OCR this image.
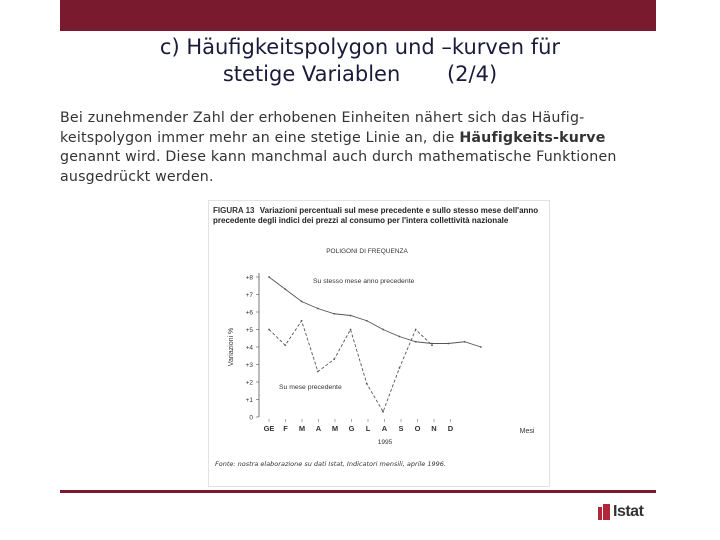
c) Häufigkeitspolygon und –kurven für
stetige Variablen       (2/4)
Bei zunehmender Zahl der erhobenen Einheiten nähert sich das Häufig-keitspolygon immer mehr an eine stetige Linie an, die Häufigkeits-kurve genannt wird. Diese kann manchmal auch durch mathematische Funktionen ausgedrückt werden.
FIGURA 13 Variazioni percentuali sul mese precedente e sullo stesso mese dell'anno precedente degli indici dei prezzi al consumo per l'intera collettività nazionale
0
+1
+2
+3
+4
+5
+6
+7
+8
Variazioni %
GE F M A M G L A S O N D
1995
Mesi
POLIGONI DI FREQUENZA
Su stesso mese anno precedente
Su mese precedente
Fonte: nostra elaborazione su dati Istat, Indicatori mensili, aprile 1996.
Istat
